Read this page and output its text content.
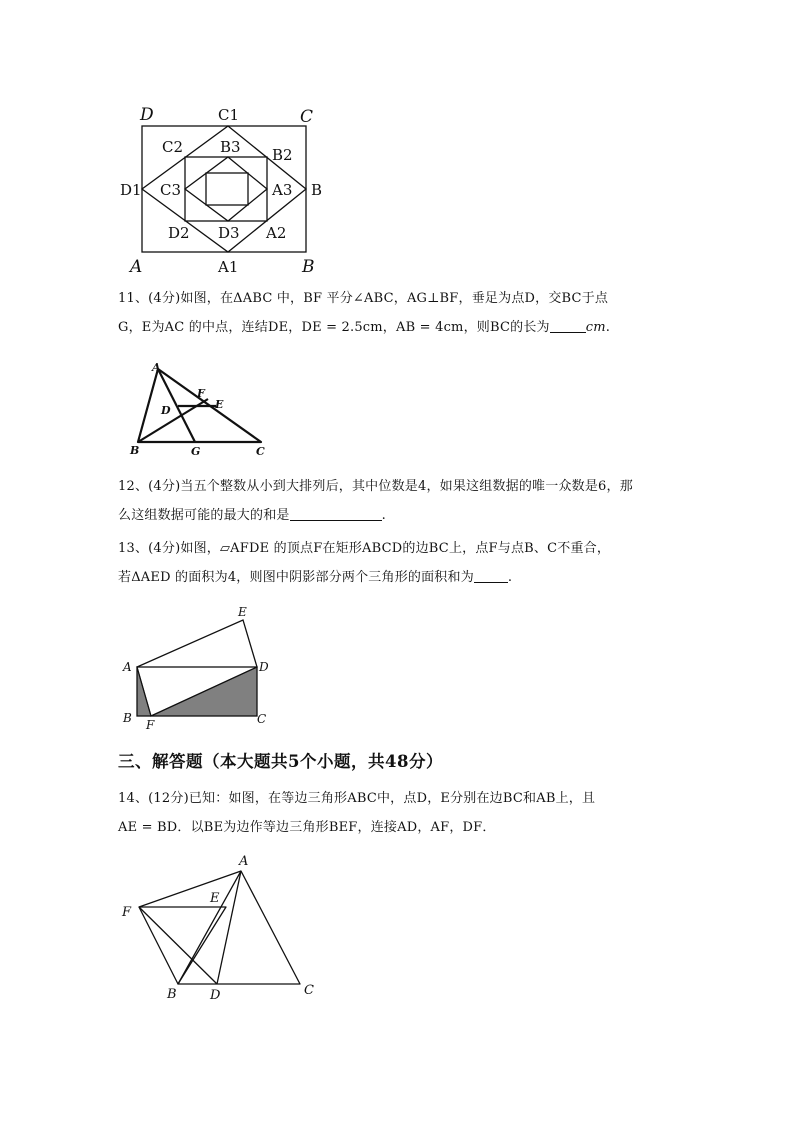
D	C1	C
C2 B3 B2
D1 C3	A3 B
D2 D3 A2
A	A1	B
11、(4分)如图，在ΔABC 中，BF 平分∠ABC，AG⊥BF，垂足为点D，交BC于点
G，E为AC 的中点，连结DE，DE = 2.5cm，AB = 4cm，则BC的长为	cm.
A
F
E
D
B	G	C
12、(4分)当五个整数从小到大排列后，其中位数是4，如果这组数据的唯一众数是6，那
么这组数据可能的最大的和是	.
13、(4分)如图，▱AFDE 的顶点F在矩形ABCD的边BC上，点F与点B、C不重合，
若ΔAED 的面积为4，则图中阴影部分两个三角形的面积和为	.
E
A	D
B F	C
三、解答题（本大题共5个小题，共48分）
14、(12分)已知：如图，在等边三角形ABC中，点D，E分别在边BC和AB上，且
AE = BD．以BE为边作等边三角形BEF，连接AD，AF，DF．
A
E
F
B	D	C
